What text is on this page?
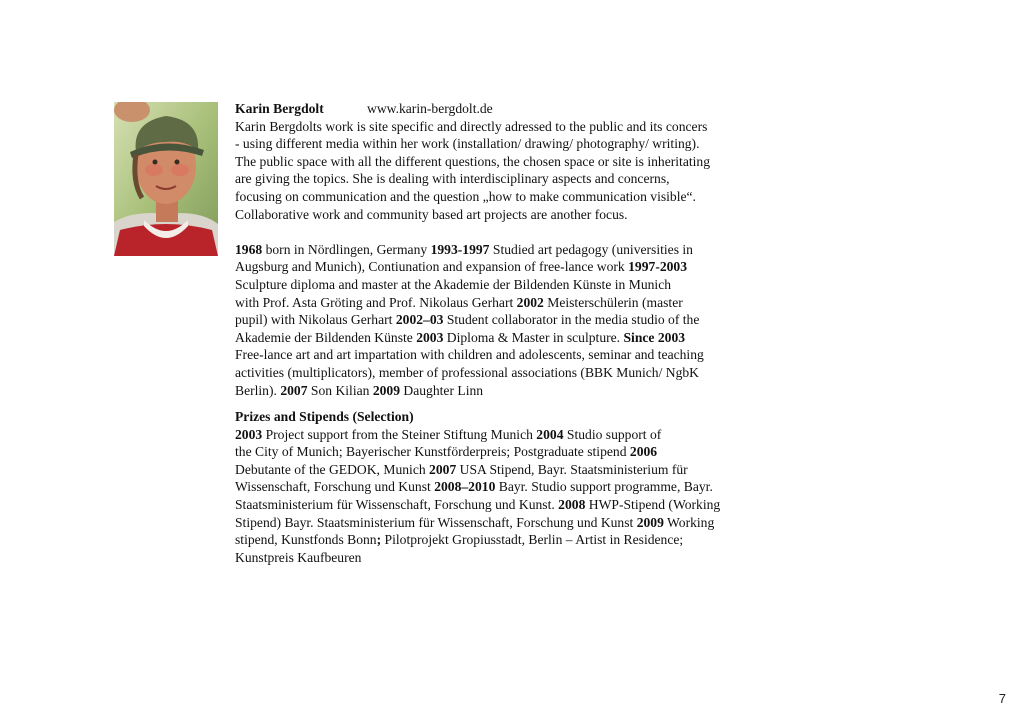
Karin Bergdolt	www.karin-bergdolt.de
Karin Bergdolts work is site specific and directly adressed to the public and its concers
- using different media within her work (installation/ drawing/ photography/ writing).
The public space with all the different questions, the chosen space or site is inheritating
are giving the topics. She is dealing with interdisciplinary aspects and concerns,
focusing on communication and the question „how to make communication visible“.
Collaborative work and community based art projects are another focus.
1968 born in Nördlingen, Germany 1993-1997 Studied art pedagogy (universities in
Augsburg and Munich), Contiunation and expansion of free-lance work 1997-2003
Sculpture diploma and master at the Akademie der Bildenden Künste in Munich
with Prof. Asta Gröting and Prof. Nikolaus Gerhart 2002 Meisterschülerin (master
pupil) with Nikolaus Gerhart 2002–03 Student collaborator in the media studio of the
Akademie der Bildenden Künste 2003 Diploma & Master in sculpture. Since 2003
Free-lance art and art impartation with children and adolescents, seminar and teaching
activities (multiplicators), member of professional associations (BBK Munich/ NgbK
Berlin). 2007 Son Kilian 2009 Daughter Linn
Prizes and Stipends (Selection)
2003 Project support from the Steiner Stiftung Munich 2004 Studio support of
the City of Munich; Bayerischer Kunstförderpreis; Postgraduate stipend 2006
Debutante of the GEDOK, Munich 2007 USA Stipend, Bayr. Staatsministerium für
Wissenschaft, Forschung und Kunst 2008–2010 Bayr. Studio support programme, Bayr.
Staatsministerium für Wissenschaft, Forschung und Kunst. 2008 HWP-Stipend (Working
Stipend) Bayr. Staatsministerium für Wissenschaft, Forschung und Kunst 2009 Working
stipend, Kunstfonds Bonn; Pilotprojekt Gropiusstadt, Berlin – Artist in Residence;
Kunstpreis Kaufbeuren
7
